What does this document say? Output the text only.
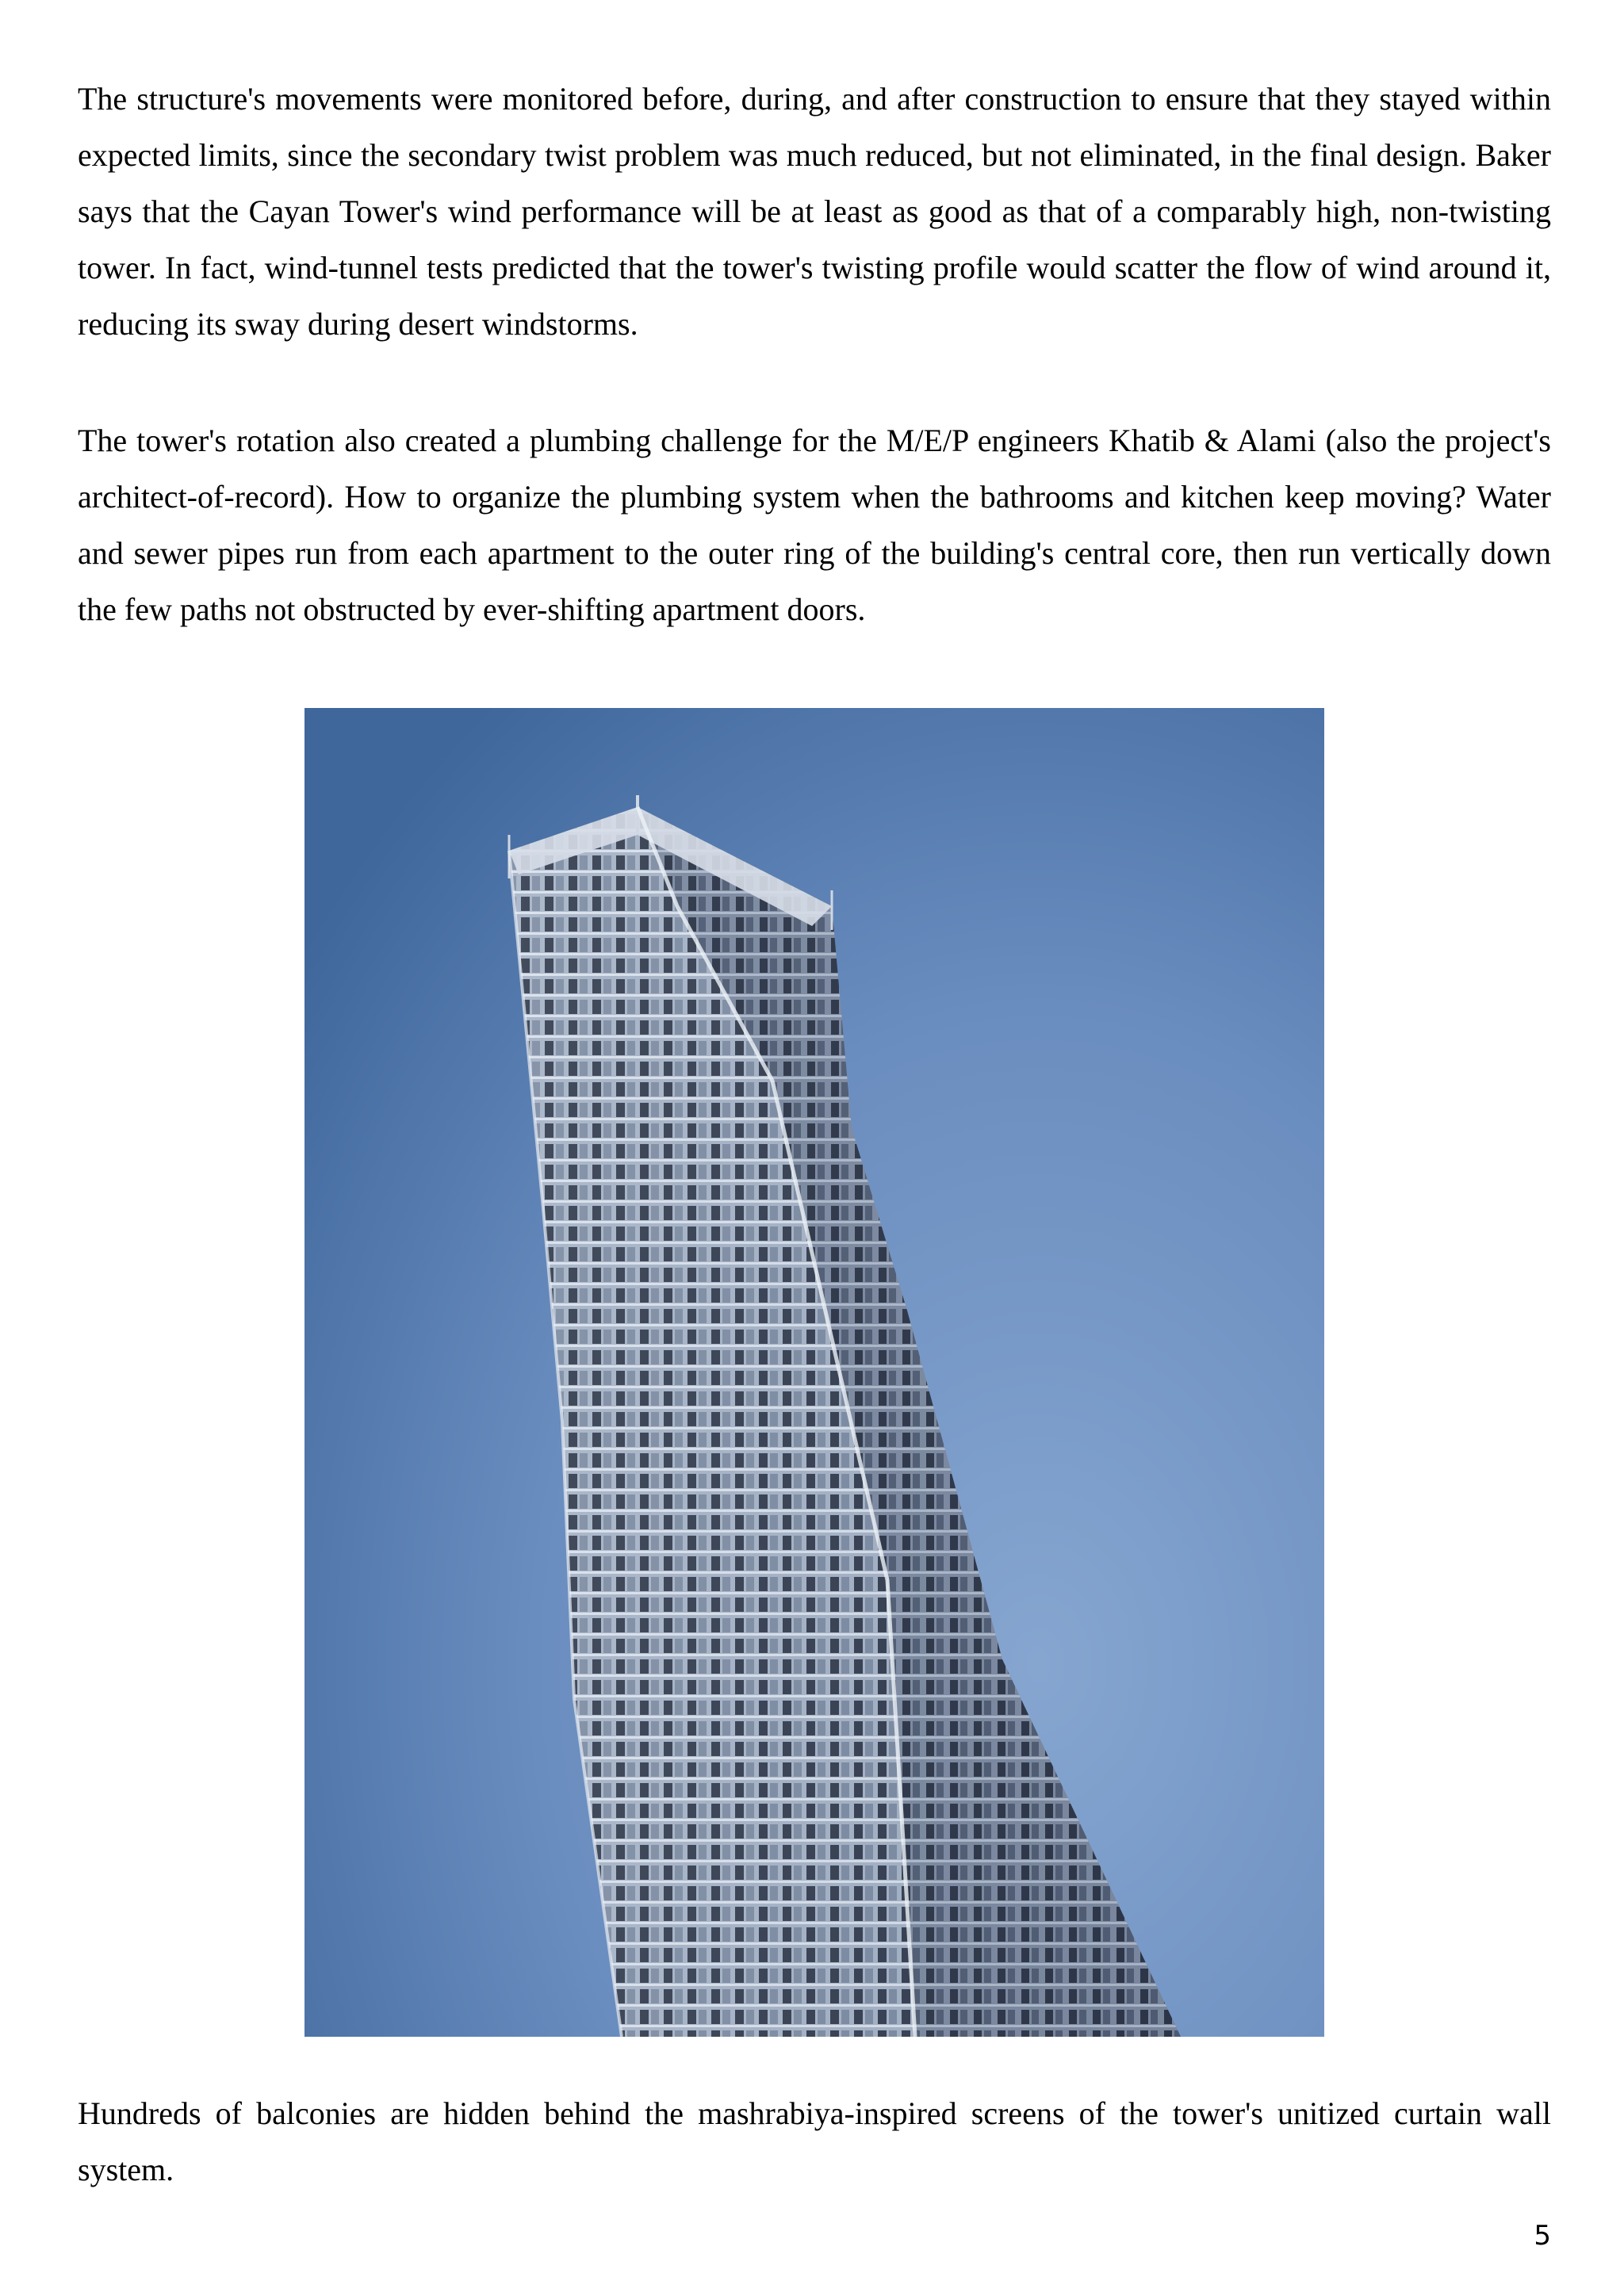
The structure's movements were monitored before, during, and after construction to ensure that they stayed within expected limits, since the secondary twist problem was much reduced, but not eliminated, in the final design. Baker says that the Cayan Tower's wind performance will be at least as good as that of a comparably high, non-twisting tower. In fact, wind-tunnel tests predicted that the tower's twisting profile would scatter the flow of wind around it, reducing its sway during desert windstorms.

The tower's rotation also created a plumbing challenge for the M/E/P engineers Khatib & Alami (also the project's architect-of-record). How to organize the plumbing system when the bathrooms and kitchen keep moving? Water and sewer pipes run from each apartment to the outer ring of the building's central core, then run vertically down the few paths not obstructed by ever-shifting apartment doors.

Hundreds of balconies are hidden behind the mashrabiya-inspired screens of the tower's unitized curtain wall system.

5
